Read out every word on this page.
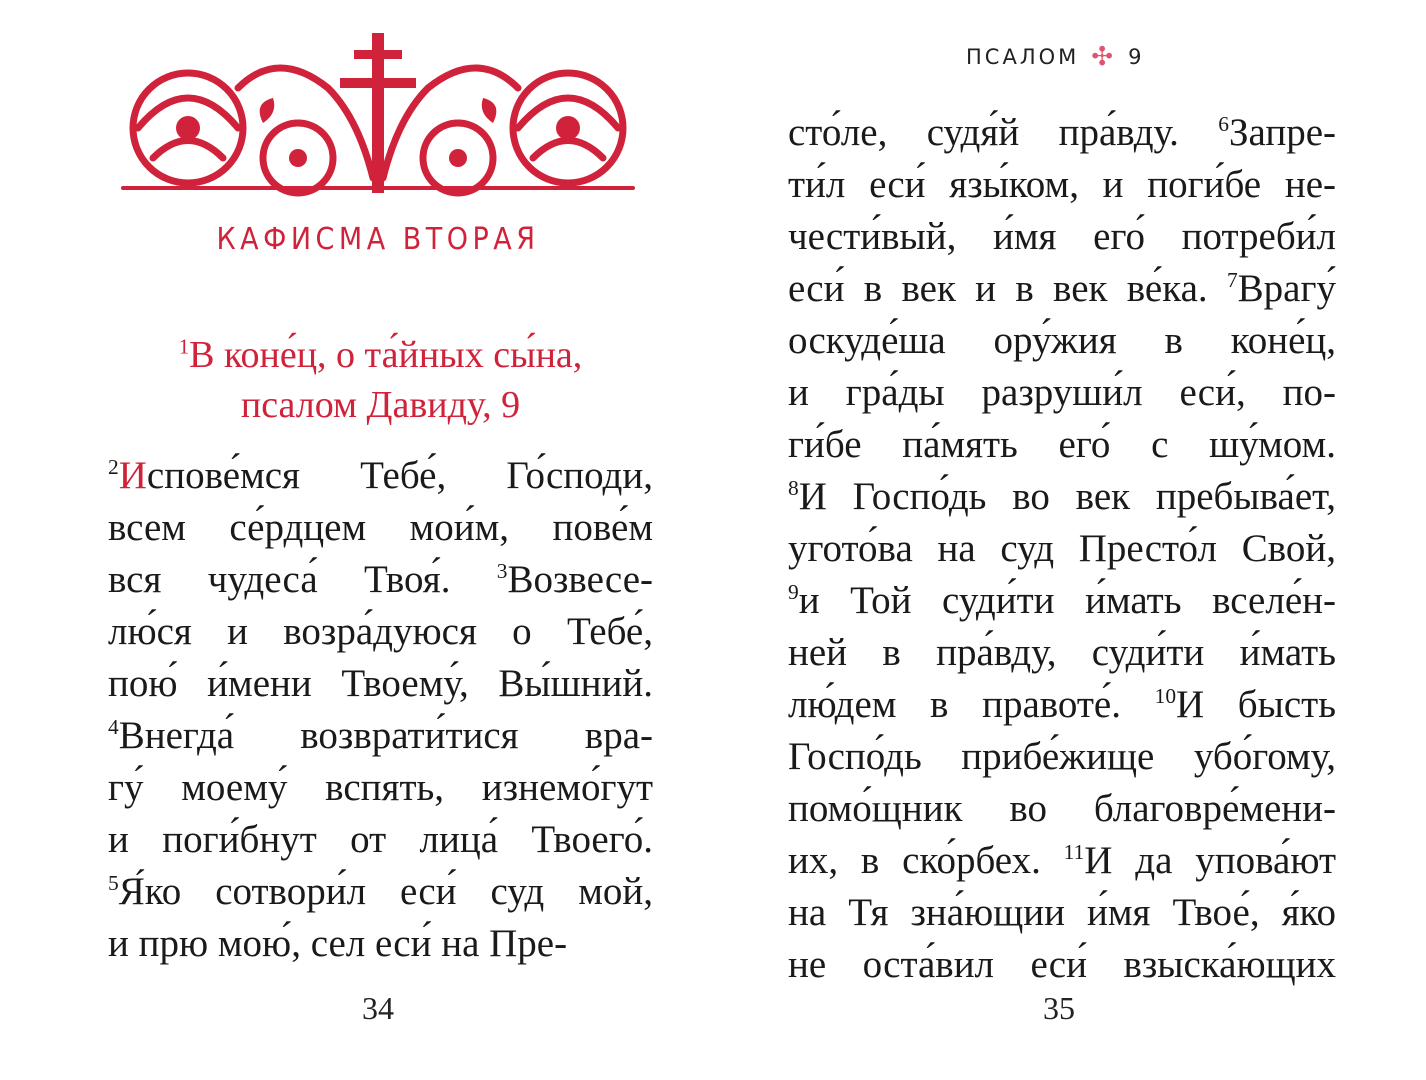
КАФИСМА ВТОРАЯ
$^1$В коне́ц, о та́йных сы́на,
псалом Давиду, 9
$^2$Испове́мся Тебе́, Го́споди,
всем се́рдцем мои́м, пове́м
вся чудеса́ Твоя́. $^3$Возвесе-
лю́ся и возра́дуюся о Тебе́,
пою́ и́мени Твоему́, Вы́шний.
$^4$Внегда́ возврати́тися вра-
гу́ моему́ вспять, изнемо́гут
и поги́бнут от лица́ Твоего́.
$^5$Я́ко сотвори́л еси́ суд мой,
и прю мою́, сел еси́ на Пре-
34
ПСАЛОМ ✣ 9
сто́ле, судя́й пра́вду. $^6$Запре-
ти́л еси́ язы́ком, и поги́бе не-
чести́вый, и́мя его́ потреби́л
еси́ в век и в век ве́ка. $^7$Врагу́
оскуде́ша ору́жия в коне́ц,
и гра́ды разруши́л еси́, по-
ги́бе па́мять его́ с шу́мом.
$^8$И Госпо́дь во век пребыва́ет,
угото́ва на суд Престо́л Свой,
$^9$и Той суди́ти и́мать вселе́н-
ней в пра́вду, суди́ти и́мать
лю́дем в правоте́. $^{10}$И бысть
Госпо́дь прибе́жище убо́гому,
помо́щник во благовре́мени-
их, в ско́рбех. $^{11}$И да упова́ют
на Тя зна́ющии и́мя Твое́, я́ко
не оста́вил еси́ взыска́ющих
35
